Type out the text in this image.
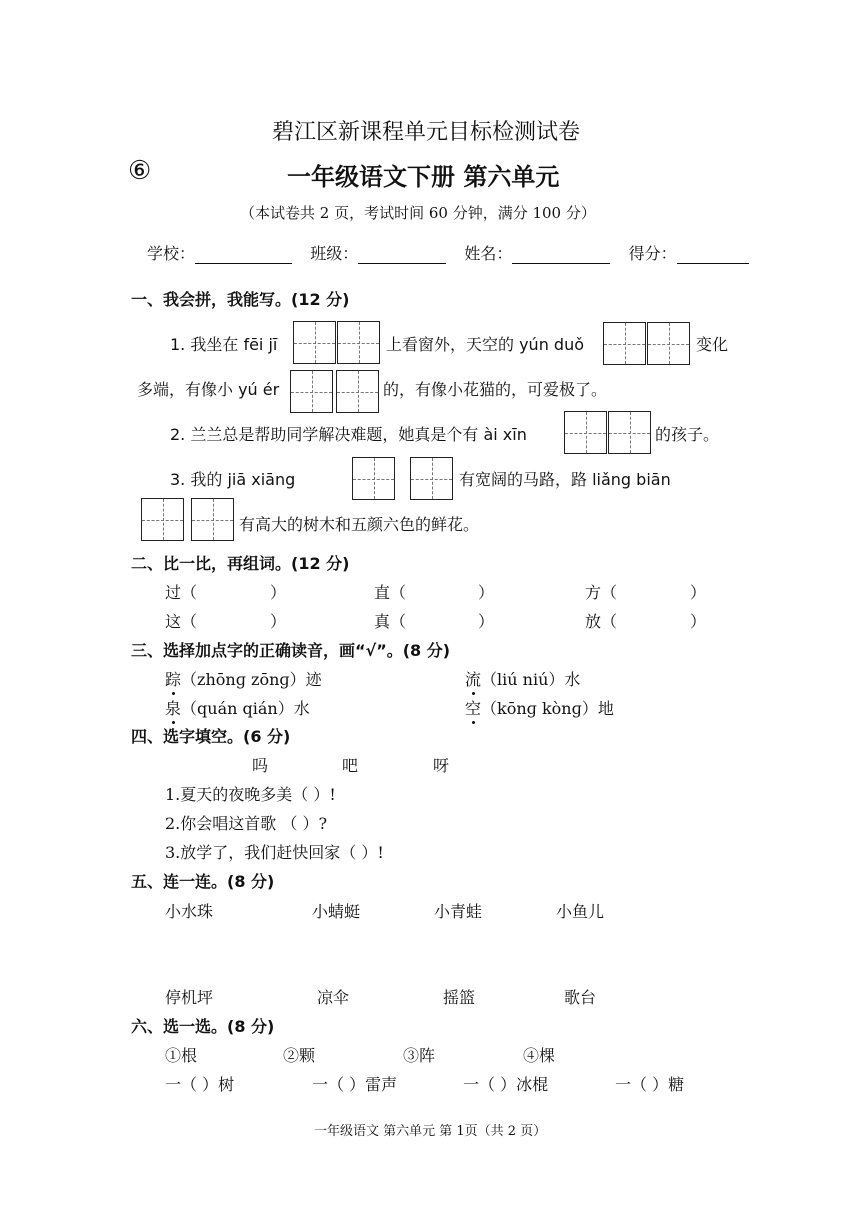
碧江区新课程单元目标检测试卷
⑥	一年级语文下册 第六单元
（本试卷共 2 页，考试时间 60 分钟，满分 100 分）
学校：	班级：	姓名：	得分：
一、我会拼，我能写。(12 分)
1. 我坐在 fēi jī	上看窗外，天空的 yún duǒ	变化
多端，有像小 yú ér	的，有像小花猫的，可爱极了。
2. 兰兰总是帮助同学解决难题，她真是个有 ài xīn	的孩子。
3. 我的 jiā xiāng	有宽阔的马路，路 liǎng biān
有高大的树木和五颜六色的鲜花。
二、比一比，再组词。(12 分)
过（	）	直（	）	方（	）
这（	）	真（	）	放（	）
三、选择加点字的正确读音，画“√”。(8 分)
踪（zhōnɡ zōnɡ）迹	流（liú niú）水
泉（quán qián）水	空（kōnɡ kònɡ）地
四、选字填空。(6 分)
吗	吧	呀
1.夏天的夜晚多美（ ）!
2.你会唱这首歌 （ ）?
3.放学了，我们赶快回家（ ）!
五、连一连。(8 分)
小水珠	小蜻蜓	小青蛙	小鱼儿
停机坪	凉伞	摇篮	歌台
六、选一选。(8 分)
①根	②颗	③阵	④棵
一（ ）树	一（ ）雷声	一（ ）冰棍	一（ ）糖
一年级语文 第六单元 第 1页（共 2 页）
